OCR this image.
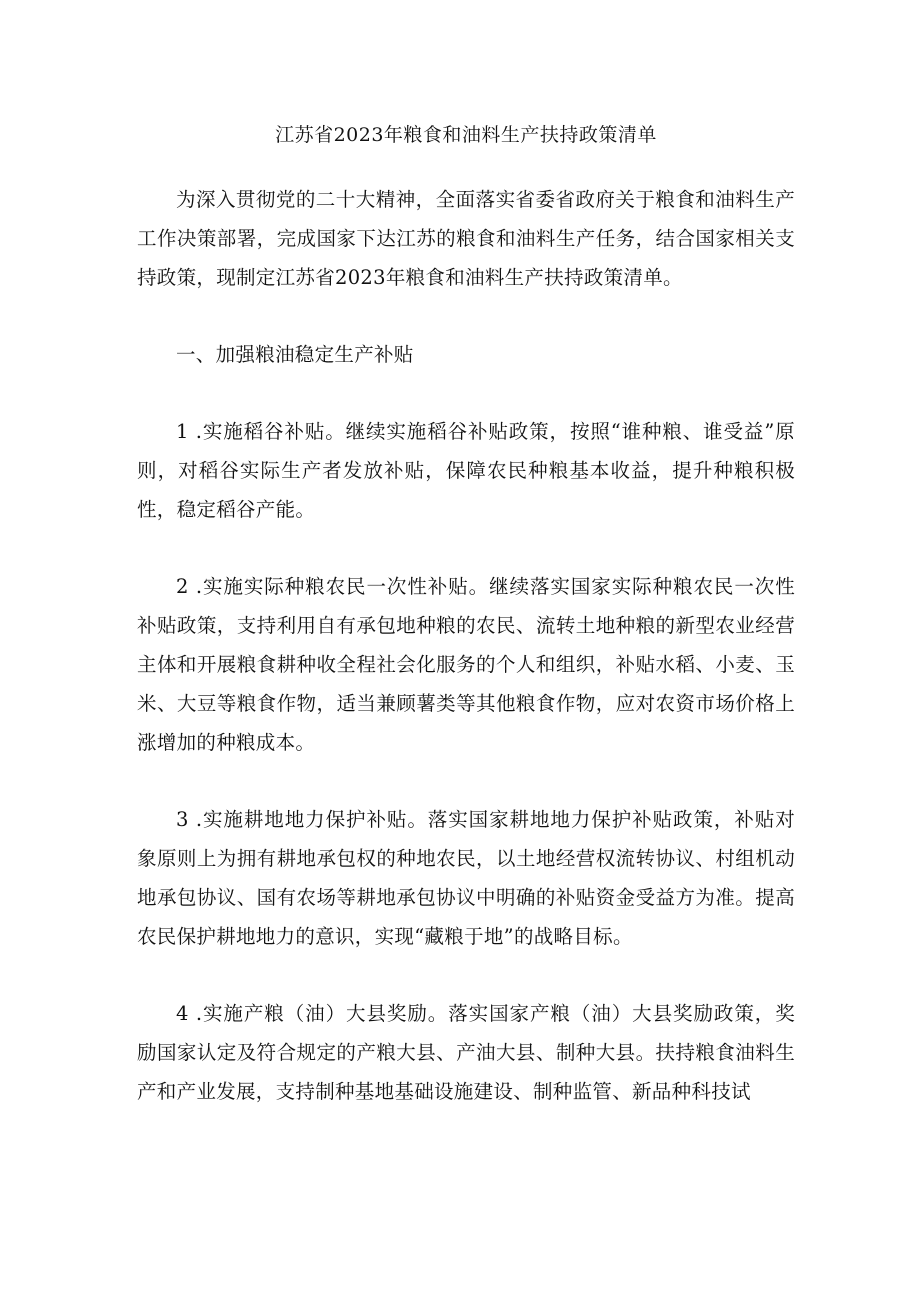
江苏省2023年粮食和油料生产扶持政策清单

为深入贯彻党的二十大精神，全面落实省委省政府关于粮食和油料生产工作决策部署，完成国家下达江苏的粮食和油料生产任务，结合国家相关支持政策，现制定江苏省2023年粮食和油料生产扶持政策清单。

一、加强粮油稳定生产补贴

1 .实施稻谷补贴。继续实施稻谷补贴政策，按照“谁种粮、谁受益”原则，对稻谷实际生产者发放补贴，保障农民种粮基本收益，提升种粮积极性，稳定稻谷产能。

2 .实施实际种粮农民一次性补贴。继续落实国家实际种粮农民一次性补贴政策，支持利用自有承包地种粮的农民、流转土地种粮的新型农业经营主体和开展粮食耕种收全程社会化服务的个人和组织，补贴水稻、小麦、玉米、大豆等粮食作物，适当兼顾薯类等其他粮食作物，应对农资市场价格上涨增加的种粮成本。

3 .实施耕地地力保护补贴。落实国家耕地地力保护补贴政策，补贴对象原则上为拥有耕地承包权的种地农民，以土地经营权流转协议、村组机动地承包协议、国有农场等耕地承包协议中明确的补贴资金受益方为准。提高农民保护耕地地力的意识，实现“藏粮于地”的战略目标。

4 .实施产粮（油）大县奖励。落实国家产粮（油）大县奖励政策，奖励国家认定及符合规定的产粮大县、产油大县、制种大县。扶持粮食油料生产和产业发展，支持制种基地基础设施建设、制种监管、新品种科技试
